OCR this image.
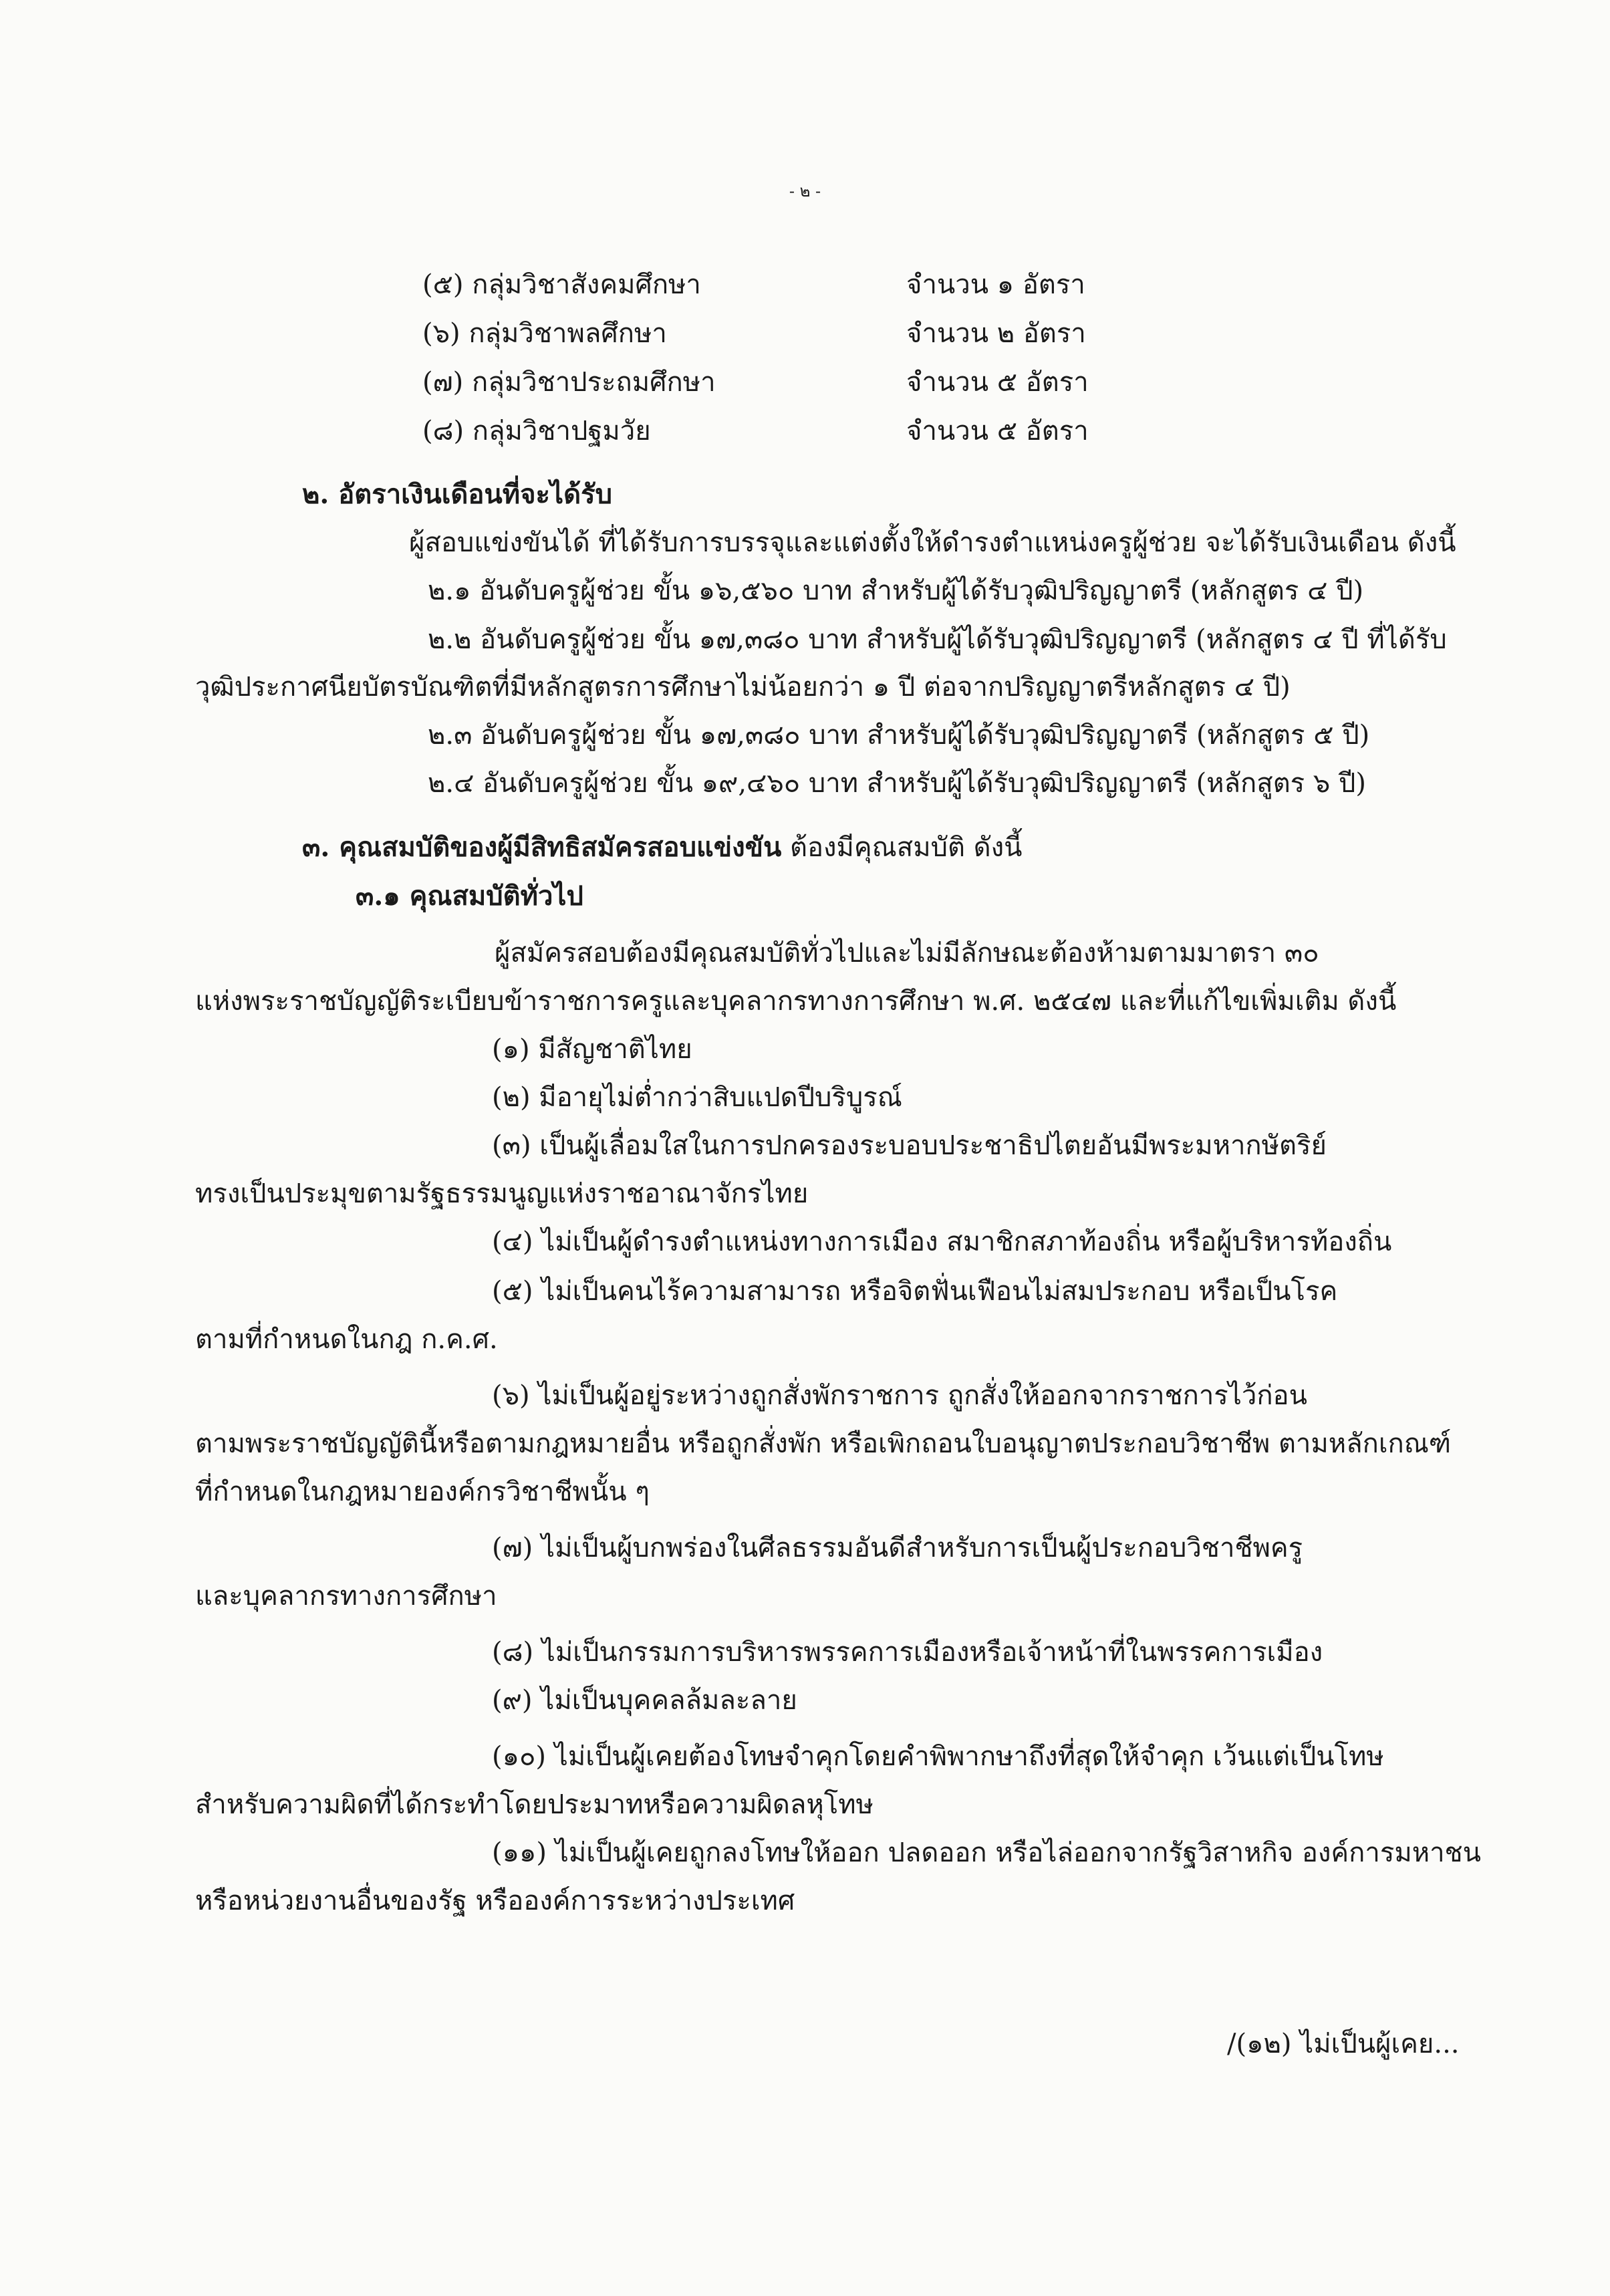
- ๒ -
(๕) กลุ่มวิชาสังคมศึกษา	จำนวน ๑ อัตรา
(๖) กลุ่มวิชาพลศึกษา	จำนวน ๒ อัตรา
(๗) กลุ่มวิชาประถมศึกษา	จำนวน ๕ อัตรา
(๘) กลุ่มวิชาปฐมวัย	จำนวน ๕ อัตรา
๒. อัตราเงินเดือนที่จะได้รับ
ผู้สอบแข่งขันได้ ที่ได้รับการบรรจุและแต่งตั้งให้ดำรงตำแหน่งครูผู้ช่วย จะได้รับเงินเดือน ดังนี้
๒.๑ อันดับครูผู้ช่วย ขั้น ๑๖,๕๖๐ บาท สำหรับผู้ได้รับวุฒิปริญญาตรี (หลักสูตร ๔ ปี)
๒.๒ อันดับครูผู้ช่วย ขั้น ๑๗,๓๘๐ บาท สำหรับผู้ได้รับวุฒิปริญญาตรี (หลักสูตร ๔ ปี ที่ได้รับ
วุฒิประกาศนียบัตรบัณฑิตที่มีหลักสูตรการศึกษาไม่น้อยกว่า ๑ ปี ต่อจากปริญญาตรีหลักสูตร ๔ ปี)
๒.๓ อันดับครูผู้ช่วย ขั้น ๑๗,๓๘๐ บาท สำหรับผู้ได้รับวุฒิปริญญาตรี (หลักสูตร ๕ ปี)
๒.๔ อันดับครูผู้ช่วย ขั้น ๑๙,๔๖๐ บาท สำหรับผู้ได้รับวุฒิปริญญาตรี (หลักสูตร ๖ ปี)
๓. คุณสมบัติของผู้มีสิทธิสมัครสอบแข่งขัน ต้องมีคุณสมบัติ ดังนี้
๓.๑ คุณสมบัติทั่วไป
ผู้สมัครสอบต้องมีคุณสมบัติทั่วไปและไม่มีลักษณะต้องห้ามตามมาตรา ๓๐
แห่งพระราชบัญญัติระเบียบข้าราชการครูและบุคลากรทางการศึกษา พ.ศ. ๒๕๔๗ และที่แก้ไขเพิ่มเติม ดังนี้
(๑) มีสัญชาติไทย
(๒) มีอายุไม่ต่ำกว่าสิบแปดปีบริบูรณ์
(๓) เป็นผู้เลื่อมใสในการปกครองระบอบประชาธิปไตยอันมีพระมหากษัตริย์
ทรงเป็นประมุขตามรัฐธรรมนูญแห่งราชอาณาจักรไทย
(๔) ไม่เป็นผู้ดำรงตำแหน่งทางการเมือง สมาชิกสภาท้องถิ่น หรือผู้บริหารท้องถิ่น
(๕) ไม่เป็นคนไร้ความสามารถ หรือจิตฟั่นเฟือนไม่สมประกอบ หรือเป็นโรค
ตามที่กำหนดในกฎ ก.ค.ศ.
(๖) ไม่เป็นผู้อยู่ระหว่างถูกสั่งพักราชการ ถูกสั่งให้ออกจากราชการไว้ก่อน
ตามพระราชบัญญัตินี้หรือตามกฎหมายอื่น หรือถูกสั่งพัก หรือเพิกถอนใบอนุญาตประกอบวิชาชีพ ตามหลักเกณฑ์
ที่กำหนดในกฎหมายองค์กรวิชาชีพนั้น ๆ
(๗) ไม่เป็นผู้บกพร่องในศีลธรรมอันดีสำหรับการเป็นผู้ประกอบวิชาชีพครู
และบุคลากรทางการศึกษา
(๘) ไม่เป็นกรรมการบริหารพรรคการเมืองหรือเจ้าหน้าที่ในพรรคการเมือง
(๙) ไม่เป็นบุคคลล้มละลาย
(๑๐) ไม่เป็นผู้เคยต้องโทษจำคุกโดยคำพิพากษาถึงที่สุดให้จำคุก เว้นแต่เป็นโทษ
สำหรับความผิดที่ได้กระทำโดยประมาทหรือความผิดลหุโทษ
(๑๑) ไม่เป็นผู้เคยถูกลงโทษให้ออก ปลดออก หรือไล่ออกจากรัฐวิสาหกิจ องค์การมหาชน
หรือหน่วยงานอื่นของรัฐ หรือองค์การระหว่างประเทศ
/(๑๒) ไม่เป็นผู้เคย...
